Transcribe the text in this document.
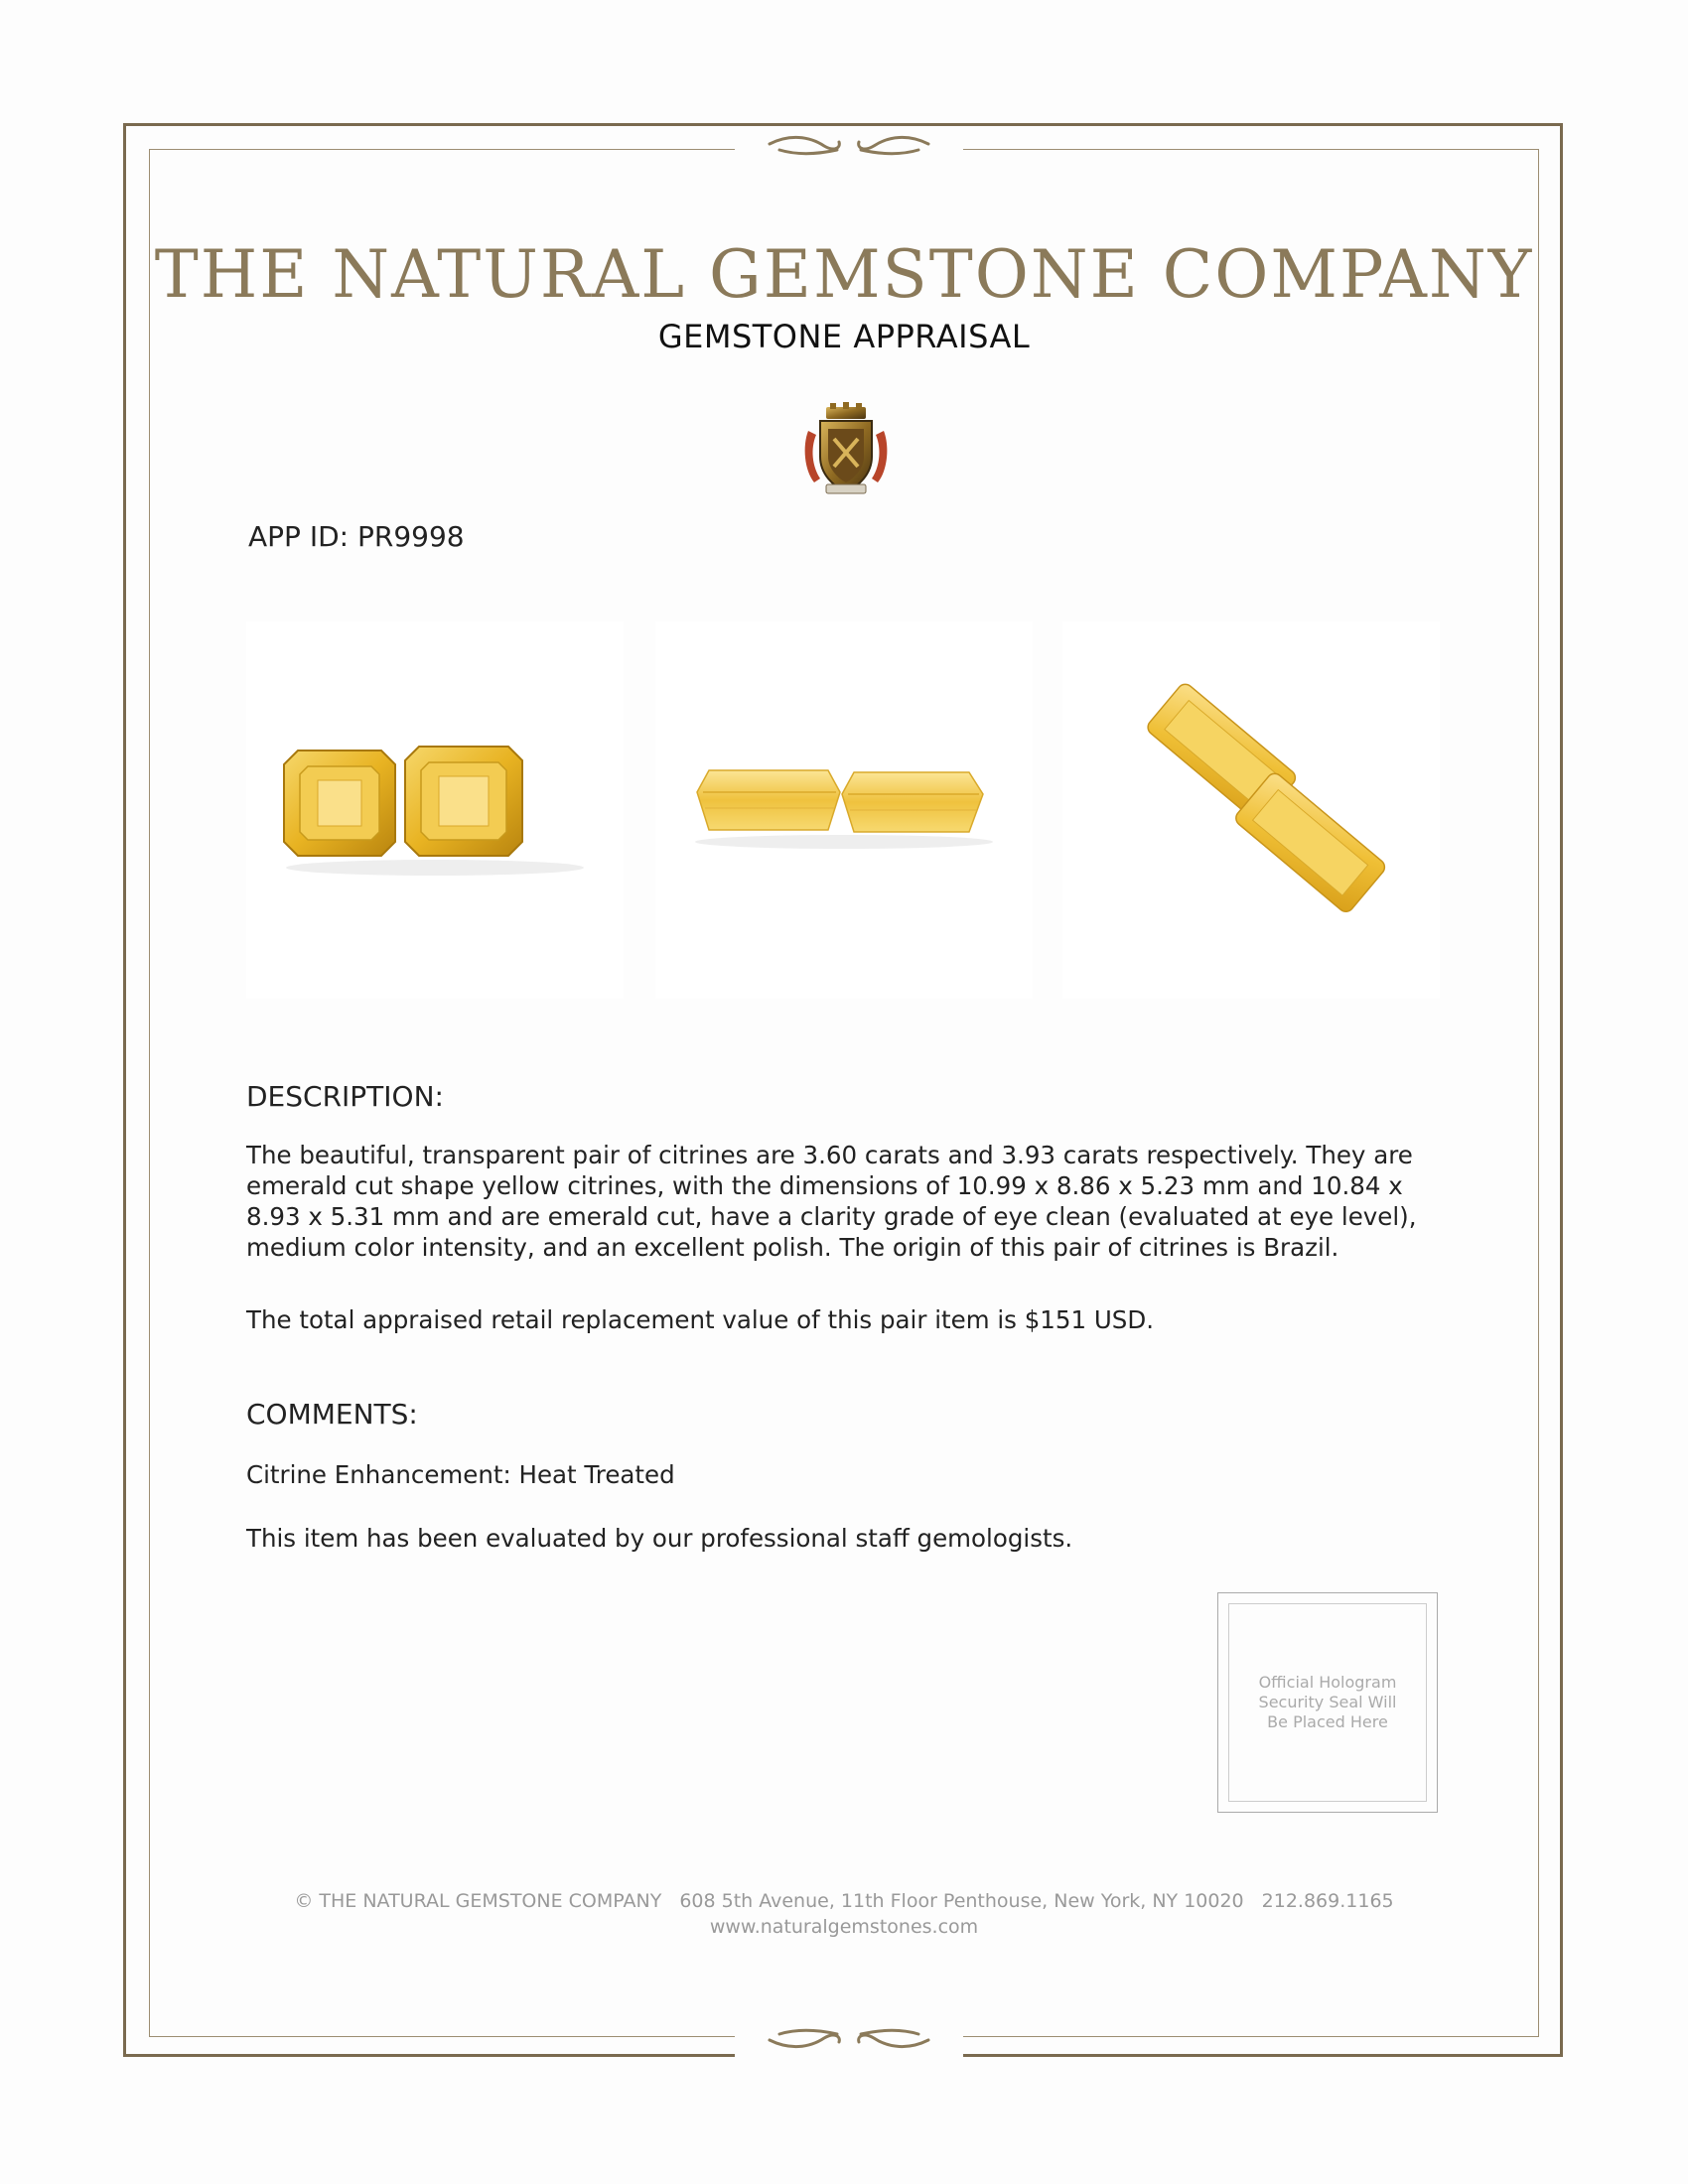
THE NATURAL GEMSTONE COMPANY
GEMSTONE APPRAISAL
APP ID: PR9998
DESCRIPTION:
The beautiful, transparent pair of citrines are 3.60 carats and 3.93 carats respectively. They are emerald cut shape yellow citrines, with the dimensions of 10.99 x 8.86 x 5.23 mm and 10.84 x 8.93 x 5.31 mm and are emerald cut, have a clarity grade of eye clean (evaluated at eye level), medium color intensity, and an excellent polish. The origin of this pair of citrines is Brazil.
The total appraised retail replacement value of this pair item is $151 USD.
COMMENTS:
Citrine Enhancement: Heat Treated
This item has been evaluated by our professional staff gemologists.
Official Hologram Security Seal Will Be Placed Here
© THE NATURAL GEMSTONE COMPANY 608 5th Avenue, 11th Floor Penthouse, New York, NY 10020 212.869.1165
www.naturalgemstones.com
